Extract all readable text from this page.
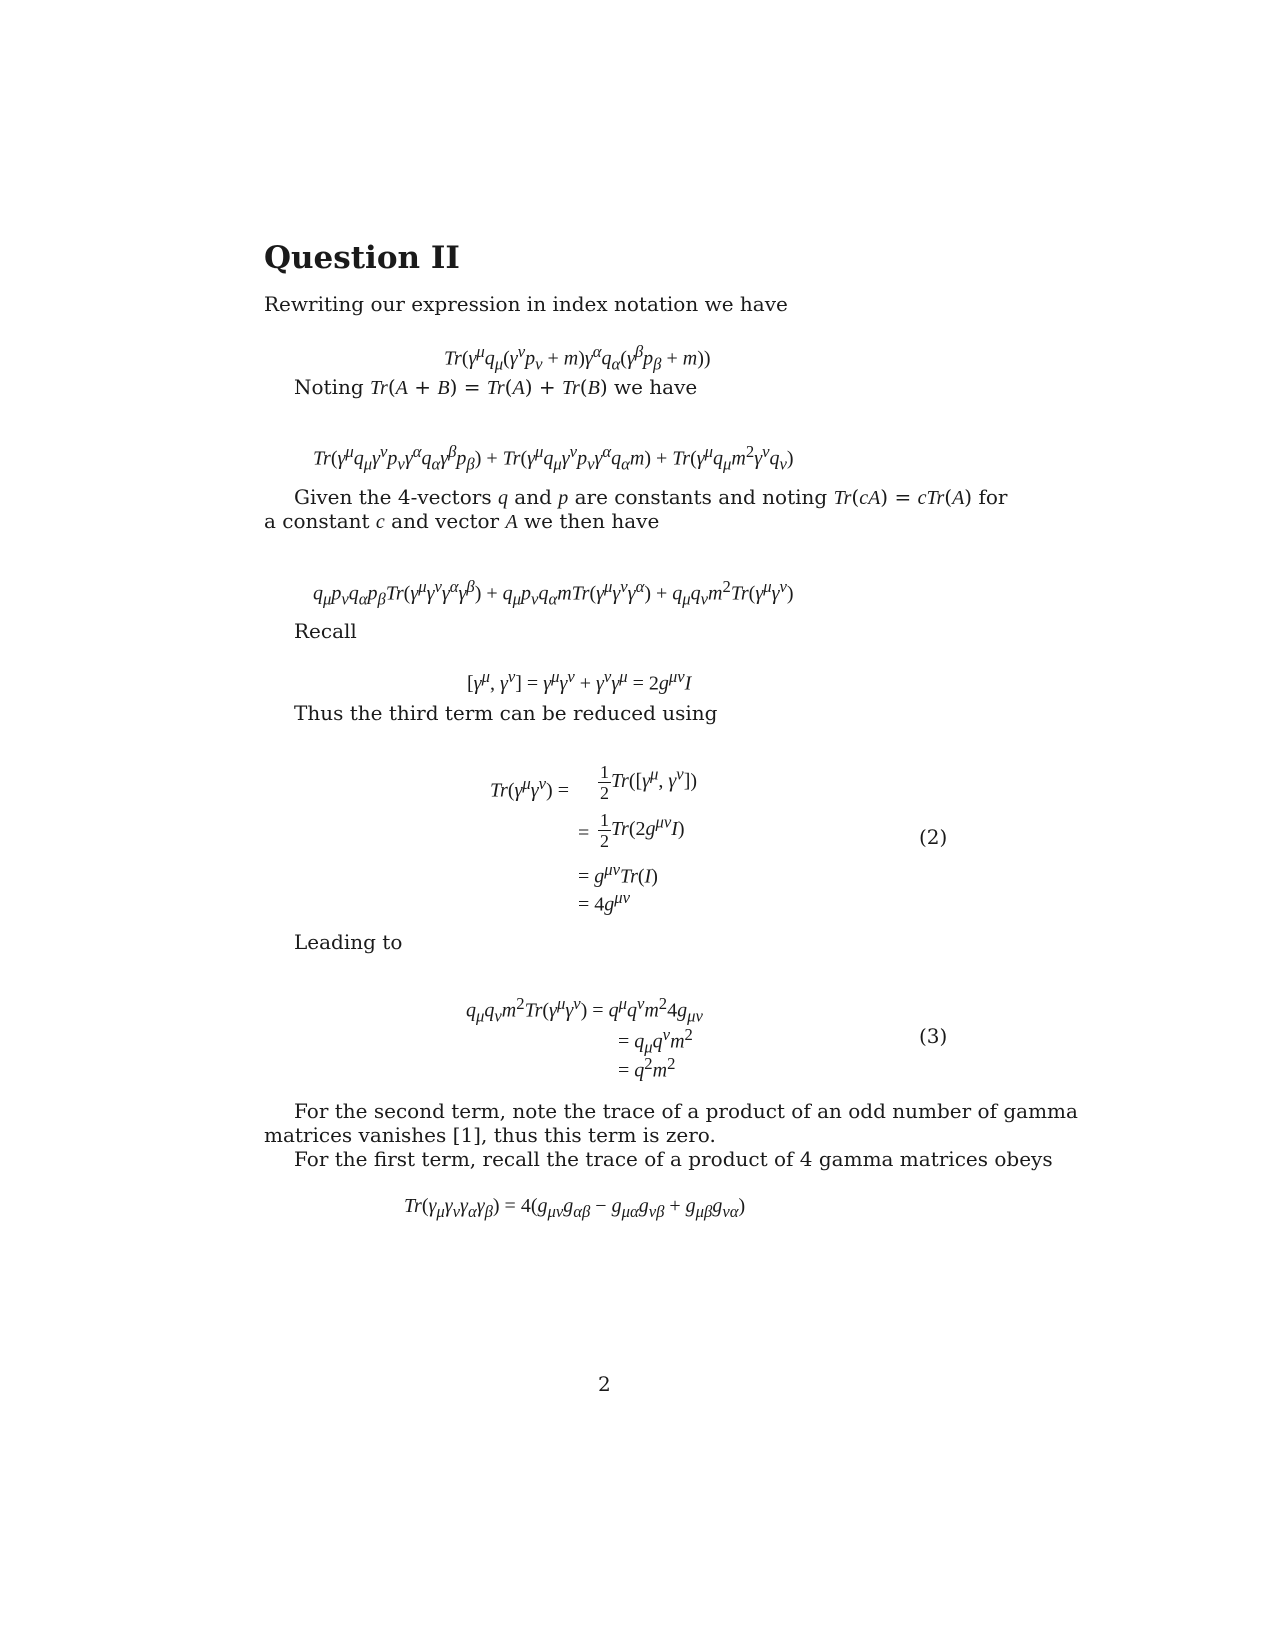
Question II
Rewriting our expression in index notation we have
$Tr(\gamma^\mu q_\mu(\gamma^\nu p_\nu + m)\gamma^\alpha q_\alpha(\gamma^\beta p_\beta + m))$
Noting Tr(A + B) = Tr(A) + Tr(B) we have
$Tr(\gamma^\mu q_\mu\gamma^\nu p_\nu\gamma^\alpha q_\alpha\gamma^\beta p_\beta) + Tr(\gamma^\mu q_\mu\gamma^\nu p_\nu\gamma^\alpha q_\alpha m) + Tr(\gamma^\mu q_\mu m^2\gamma^\nu q_\nu)$
Given the 4-vectors q and p are constants and noting Tr(cA) = cTr(A) for
a constant c and vector A we then have
$q_\mu p_\nu q_\alpha p_\beta Tr(\gamma^\mu\gamma^\nu\gamma^\alpha\gamma^\beta) + q_\mu p_\nu q_\alpha mTr(\gamma^\mu\gamma^\nu\gamma^\alpha) + q_\mu q_\nu m^2Tr(\gamma^\mu\gamma^\nu)$
Recall
[$\gamma^\mu$, $\gamma^\nu] = \gamma^\mu\gamma^\nu + \gamma^\nu\gamma^\mu = 2g^{\mu\nu}I$
Thus the third term can be reduced using
$Tr(\gamma^\mu\gamma^\nu) = \frac{1}{2} Tr([\gamma^\mu$, $\gamma^\nu$])
= $\frac{1}{2} Tr(2g^{\mu\nu}I)$
= $g^{\mu\nu}Tr(I)$
= $4g^{\mu\nu}$
(2)
Leading to
$q_\mu q_\nu m^2Tr(\gamma^\mu\gamma^\nu) = q^\mu q^\nu m^24g_{\mu\nu}$
= $q_\mu q^\nu m^2$
= $q^2m^2$
(3)
For the second term, note the trace of a product of an odd number of gamma
matrices vanishes [1], thus this term is zero.
For the first term, recall the trace of a product of 4 gamma matrices obeys
$Tr(\gamma_\mu\gamma_\nu\gamma_\alpha\gamma_\beta) = 4(g_{\mu\nu}g_{\alpha\beta} - g_{\mu\alpha}g_{\nu\beta} + g_{\mu\beta}g_{\nu\alpha})$
2
